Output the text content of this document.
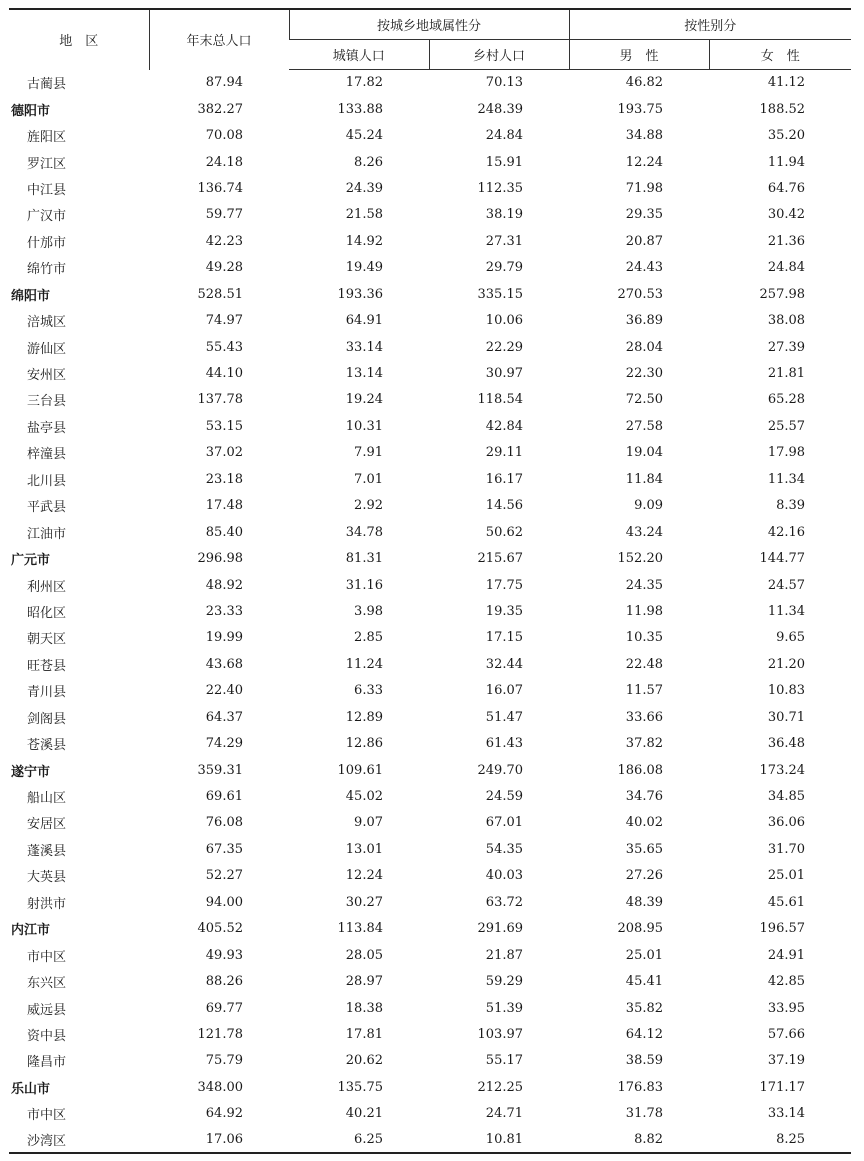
地　区	年末总人口	按城乡地域属性分		按性别分	
		城镇人口	乡村人口	男　性	女　性
古蔺县	87.94	17.82	70.13	46.82	41.12
德阳市	382.27	133.88	248.39	193.75	188.52
旌阳区	70.08	45.24	24.84	34.88	35.20
罗江区	24.18	8.26	15.91	12.24	11.94
中江县	136.74	24.39	112.35	71.98	64.76
广汉市	59.77	21.58	38.19	29.35	30.42
什邡市	42.23	14.92	27.31	20.87	21.36
绵竹市	49.28	19.49	29.79	24.43	24.84
绵阳市	528.51	193.36	335.15	270.53	257.98
涪城区	74.97	64.91	10.06	36.89	38.08
游仙区	55.43	33.14	22.29	28.04	27.39
安州区	44.10	13.14	30.97	22.30	21.81
三台县	137.78	19.24	118.54	72.50	65.28
盐亭县	53.15	10.31	42.84	27.58	25.57
梓潼县	37.02	7.91	29.11	19.04	17.98
北川县	23.18	7.01	16.17	11.84	11.34
平武县	17.48	2.92	14.56	9.09	8.39
江油市	85.40	34.78	50.62	43.24	42.16
广元市	296.98	81.31	215.67	152.20	144.77
利州区	48.92	31.16	17.75	24.35	24.57
昭化区	23.33	3.98	19.35	11.98	11.34
朝天区	19.99	2.85	17.15	10.35	9.65
旺苍县	43.68	11.24	32.44	22.48	21.20
青川县	22.40	6.33	16.07	11.57	10.83
剑阁县	64.37	12.89	51.47	33.66	30.71
苍溪县	74.29	12.86	61.43	37.82	36.48
遂宁市	359.31	109.61	249.70	186.08	173.24
船山区	69.61	45.02	24.59	34.76	34.85
安居区	76.08	9.07	67.01	40.02	36.06
蓬溪县	67.35	13.01	54.35	35.65	31.70
大英县	52.27	12.24	40.03	27.26	25.01
射洪市	94.00	30.27	63.72	48.39	45.61
内江市	405.52	113.84	291.69	208.95	196.57
市中区	49.93	28.05	21.87	25.01	24.91
东兴区	88.26	28.97	59.29	45.41	42.85
威远县	69.77	18.38	51.39	35.82	33.95
资中县	121.78	17.81	103.97	64.12	57.66
隆昌市	75.79	20.62	55.17	38.59	37.19
乐山市	348.00	135.75	212.25	176.83	171.17
市中区	64.92	40.21	24.71	31.78	33.14
沙湾区	17.06	6.25	10.81	8.82	8.25
